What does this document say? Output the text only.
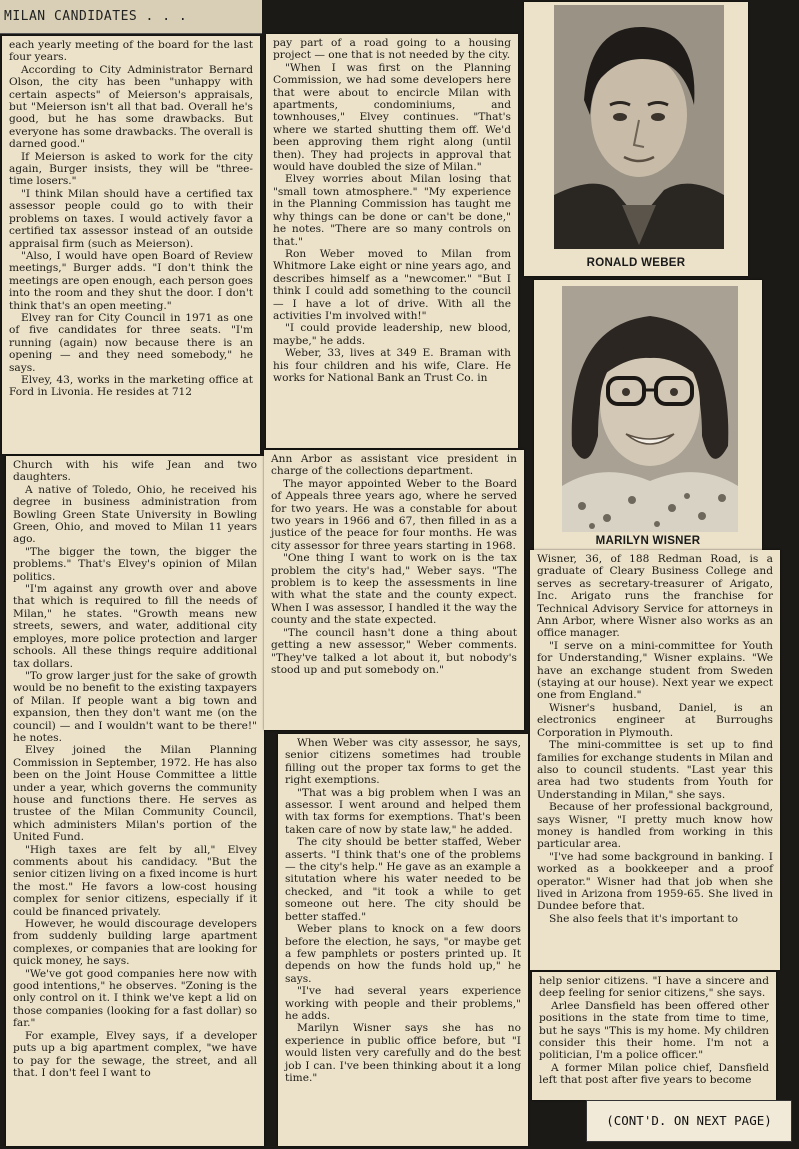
MILAN CANDIDATES . . .

each yearly meeting of the board for the last four years.

According to City Administrator Bernard Olson, the city has been "unhappy with certain aspects" of Meierson's appraisals, but "Meierson isn't all that bad. Overall he's good, but he has some drawbacks. But everyone has some drawbacks. The overall is darned good."

If Meierson is asked to work for the city again, Burger insists, they will be "three-time losers."

"I think Milan should have a certified tax assessor people could go to with their problems on taxes. I would actively favor a certified tax assessor instead of an outside appraisal firm (such as Meierson).

"Also, I would have open Board of Review meetings," Burger adds. "I don't think the meetings are open enough, each person goes into the room and they shut the door. I don't think that's an open meeting."

Elvey ran for City Council in 1971 as one of five candidates for three seats. "I'm running (again) now because there is an opening — and they need somebody," he says.

Elvey, 43, works in the marketing office at Ford in Livonia. He resides at 712

Church with his wife Jean and two daughters.

A native of Toledo, Ohio, he received his degree in business administration from Bowling Green State University in Bowling Green, Ohio, and moved to Milan 11 years ago.

"The bigger the town, the bigger the problems." That's Elvey's opinion of Milan politics.

"I'm against any growth over and above that which is required to fill the needs of Milan," he states. "Growth means new streets, sewers, and water, additional city employes, more police protection and larger schools. All these things require additional tax dollars.

"To grow larger just for the sake of growth would be no benefit to the existing taxpayers of Milan. If people want a big town and expansion, then they don't want me (on the council) — and I wouldn't want to be there!" he notes.

Elvey joined the Milan Planning Commission in September, 1972. He has also been on the Joint House Committee a little under a year, which governs the community house and functions there. He serves as trustee of the Milan Community Council, which administers Milan's portion of the United Fund.

"High taxes are felt by all," Elvey comments about his candidacy. "But the senior citizen living on a fixed income is hurt the most." He favors a low-cost housing complex for senior citizens, especially if it could be financed privately.

However, he would discourage developers from suddenly building large apartment complexes, or companies that are looking for quick money, he says.

"We've got good companies here now with good intentions," he observes. "Zoning is the only control on it. I think we've kept a lid on those companies (looking for a fast dollar) so far."

For example, Elvey says, if a developer puts up a big apartment complex, "we have to pay for the sewage, the street, and all that. I don't feel I want to

pay part of a road going to a housing project — one that is not needed by the city.

"When I was first on the Planning Commission, we had some developers here that were about to encircle Milan with apartments, condominiums, and townhouses," Elvey continues. "That's where we started shutting them off. We'd been approving them right along (until then). They had projects in approval that would have doubled the size of Milan."

Elvey worries about Milan losing that "small town atmosphere." "My experience in the Planning Commission has taught me why things can be done or can't be done," he notes. "There are so many controls on that."

Ron Weber moved to Milan from Whitmore Lake eight or nine years ago, and describes himself as a "newcomer." "But I think I could add something to the council — I have a lot of drive. With all the activities I'm involved with!"

"I could provide leadership, new blood, maybe," he adds.

Weber, 33, lives at 349 E. Braman with his four children and his wife, Clare. He works for National Bank an Trust Co. in

Ann Arbor as assistant vice president in charge of the collections department.

The mayor appointed Weber to the Board of Appeals three years ago, where he served for two years. He was a constable for about two years in 1966 and 67, then filled in as a justice of the peace for four months. He was city assessor for three years starting in 1968.

"One thing I want to work on is the tax problem the city's had," Weber says. "The problem is to keep the assessments in line with what the state and the county expect. When I was assessor, I handled it the way the county and the state expected.

"The council hasn't done a thing about getting a new assessor," Weber comments. "They've talked a lot about it, but nobody's stood up and put somebody on."

When Weber was city assessor, he says, senior citizens sometimes had trouble filling out the proper tax forms to get the right exemptions.

"That was a big problem when I was an assessor. I went around and helped them with tax forms for exemptions. That's been taken care of now by state law," he added.

The city should be better staffed, Weber asserts. "I think that's one of the problems — the city's help." He gave as an example a situtation where his water needed to be checked, and "it took a while to get someone out here. The city should be better staffed."

Weber plans to knock on a few doors before the election, he says, "or maybe get a few pamphlets or posters printed up. It depends on how the funds hold up," he says.

"I've had several years experience working with people and their problems," he adds.

Marilyn Wisner says she has no experience in public office before, but "I would listen very carefully and do the best job I can. I've been thinking about it a long time."

RONALD WEBER
MARILYN WISNER

Wisner, 36, of 188 Redman Road, is a graduate of Cleary Business College and serves as secretary-treasurer of Arigato, Inc. Arigato runs the franchise for Technical Advisory Service for attorneys in Ann Arbor, where Wisner also works as an office manager.

"I serve on a mini-committee for Youth for Understanding," Wisner explains. "We have an exchange student from Sweden (staying at our house). Next year we expect one from England."

Wisner's husband, Daniel, is an electronics engineer at Burroughs Corporation in Plymouth.

The mini-committee is set up to find families for exchange students in Milan and also to council students. "Last year this area had two students from Youth for Understanding in Milan," she says.

Because of her professional background, says Wisner, "I pretty much know how money is handled from working in this particular area.

"I've had some background in banking. I worked as a bookkeeper and a proof operator." Wisner had that job when she lived in Arizona from 1959-65. She lived in Dundee before that.

She also feels that it's important to

help senior citizens. "I have a sincere and deep feeling for senior citizens," she says.

Arlee Dansfield has been offered other positions in the state from time to time, but he says "This is my home. My children consider this their home. I'm not a politician, I'm a police officer."

A former Milan police chief, Dansfield left that post after five years to become

(CONT'D. ON NEXT PAGE)
